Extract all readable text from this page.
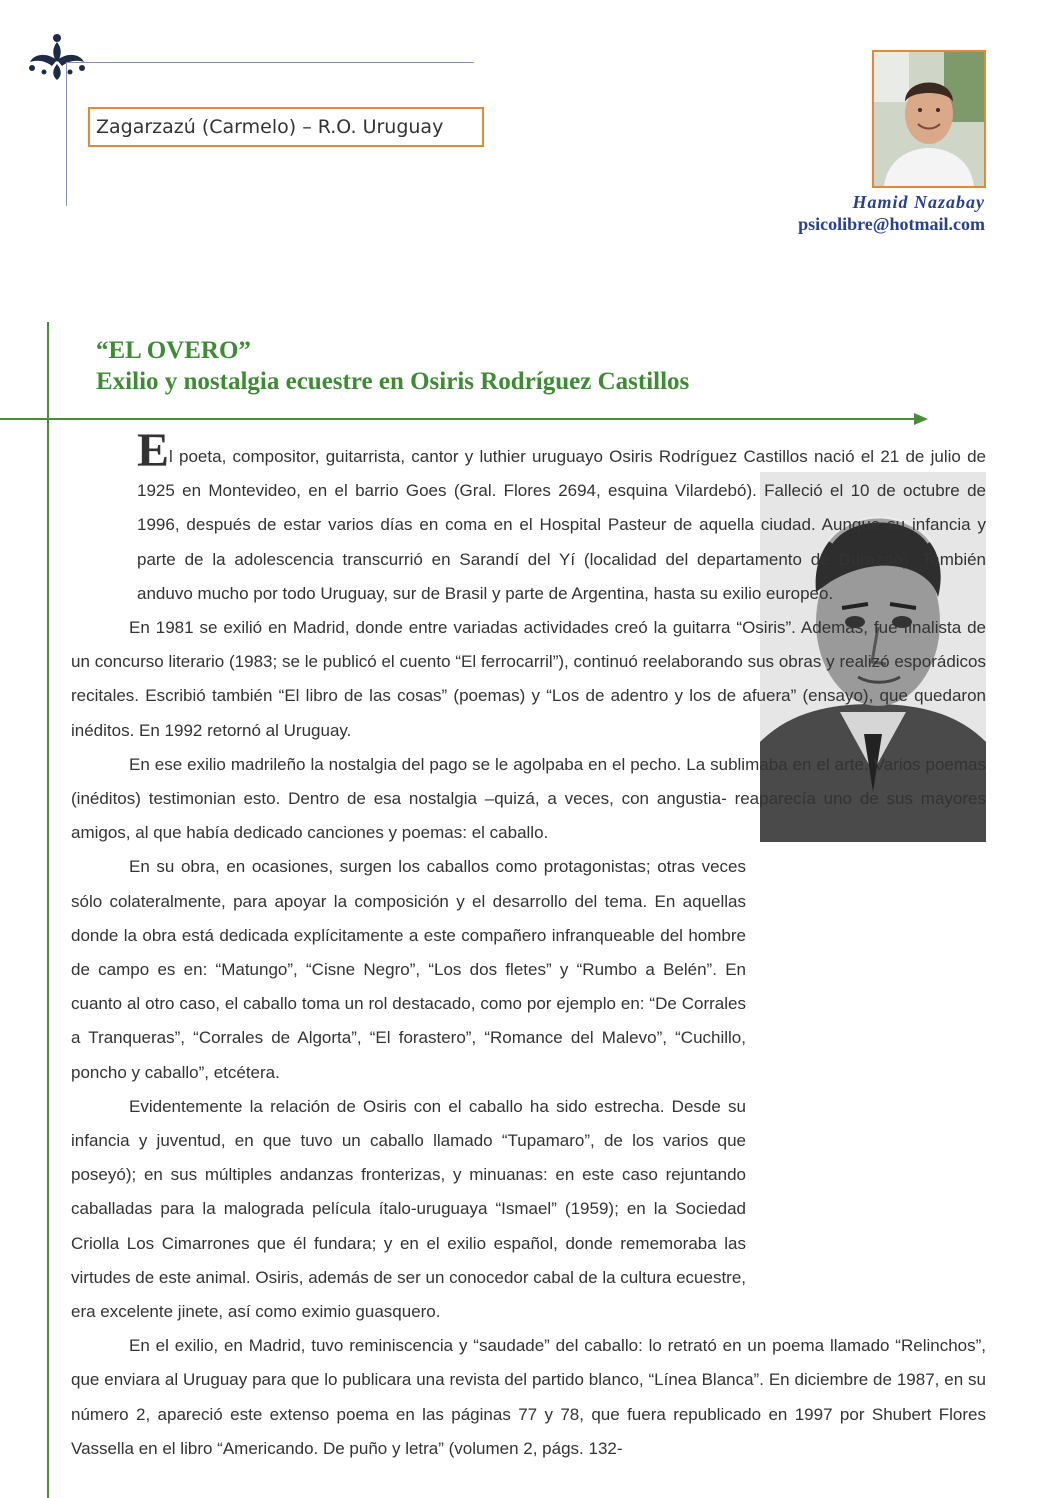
Zagarzazú (Carmelo) – R.O. Uruguay
Hamid Nazabay
psicolibre@hotmail.com
“EL OVERO”
Exilio y nostalgia ecuestre en Osiris Rodríguez Castillos

El poeta, compositor, guitarrista, cantor y luthier uruguayo Osiris Rodríguez Castillos nació el 21 de julio de 1925 en Montevideo, en el barrio Goes (Gral. Flores 2694, esquina Vilardebó). Falleció el 10 de octubre de 1996, después de estar varios días en coma en el Hospital Pasteur de aquella ciudad. Aunque su infancia y parte de la adolescencia transcurrió en Sarandí del Yí (localidad del departamento de Durazno). También anduvo mucho por todo Uruguay, sur de Brasil y parte de Argentina, hasta su exilio europeo.

En 1981 se exilió en Madrid, donde entre variadas actividades creó la guitarra “Osiris”. Además, fue finalista de un concurso literario (1983; se le publicó el cuento “El ferrocarril”), continuó reelaborando sus obras y realizó esporádicos recitales. Escribió también “El libro de las cosas” (poemas) y “Los de adentro y los de afuera” (ensayo), que quedaron inéditos. En 1992 retornó al Uruguay.

En ese exilio madrileño la nostalgia del pago se le agolpaba en el pecho. La sublimaba en el arte. Varios poemas (inéditos) testimonian esto. Dentro de esa nostalgia –quizá, a veces, con angustia- reaparecía uno de sus mayores amigos, al que había dedicado canciones y poemas: el caballo.

En su obra, en ocasiones, surgen los caballos como protagonistas; otras veces sólo colateralmente, para apoyar la composición y el desarrollo del tema. En aquellas donde la obra está dedicada explícitamente a este compañero infranqueable del hombre de campo es en: “Matungo”, “Cisne Negro”, “Los dos fletes” y “Rumbo a Belén”. En cuanto al otro caso, el caballo toma un rol destacado, como por ejemplo en: “De Corrales a Tranqueras”, “Corrales de Algorta”, “El forastero”, “Romance del Malevo”, “Cuchillo, poncho y caballo”, etcétera.

Evidentemente la relación de Osiris con el caballo ha sido estrecha. Desde su infancia y juventud, en que tuvo un caballo llamado “Tupamaro”, de los varios que poseyó); en sus múltiples andanzas fronterizas, y minuanas: en este caso rejuntando caballadas para la malograda película ítalo-uruguaya “Ismael” (1959); en la Sociedad Criolla Los Cimarrones que él fundara; y en el exilio español, donde rememoraba las virtudes de este animal. Osiris, además de ser un conocedor cabal de la cultura ecuestre, era excelente jinete, así como eximio guasquero.

En el exilio, en Madrid, tuvo reminiscencia y “saudade” del caballo: lo retrató en un poema llamado “Relinchos”, que enviara al Uruguay para que lo publicara una revista del partido blanco, “Línea Blanca”. En diciembre de 1987, en su número 2, apareció este extenso poema en las páginas 77 y 78, que fuera republicado en 1997 por Shubert Flores Vassella en el libro “Americando. De puño y letra” (volumen 2, págs. 132-
